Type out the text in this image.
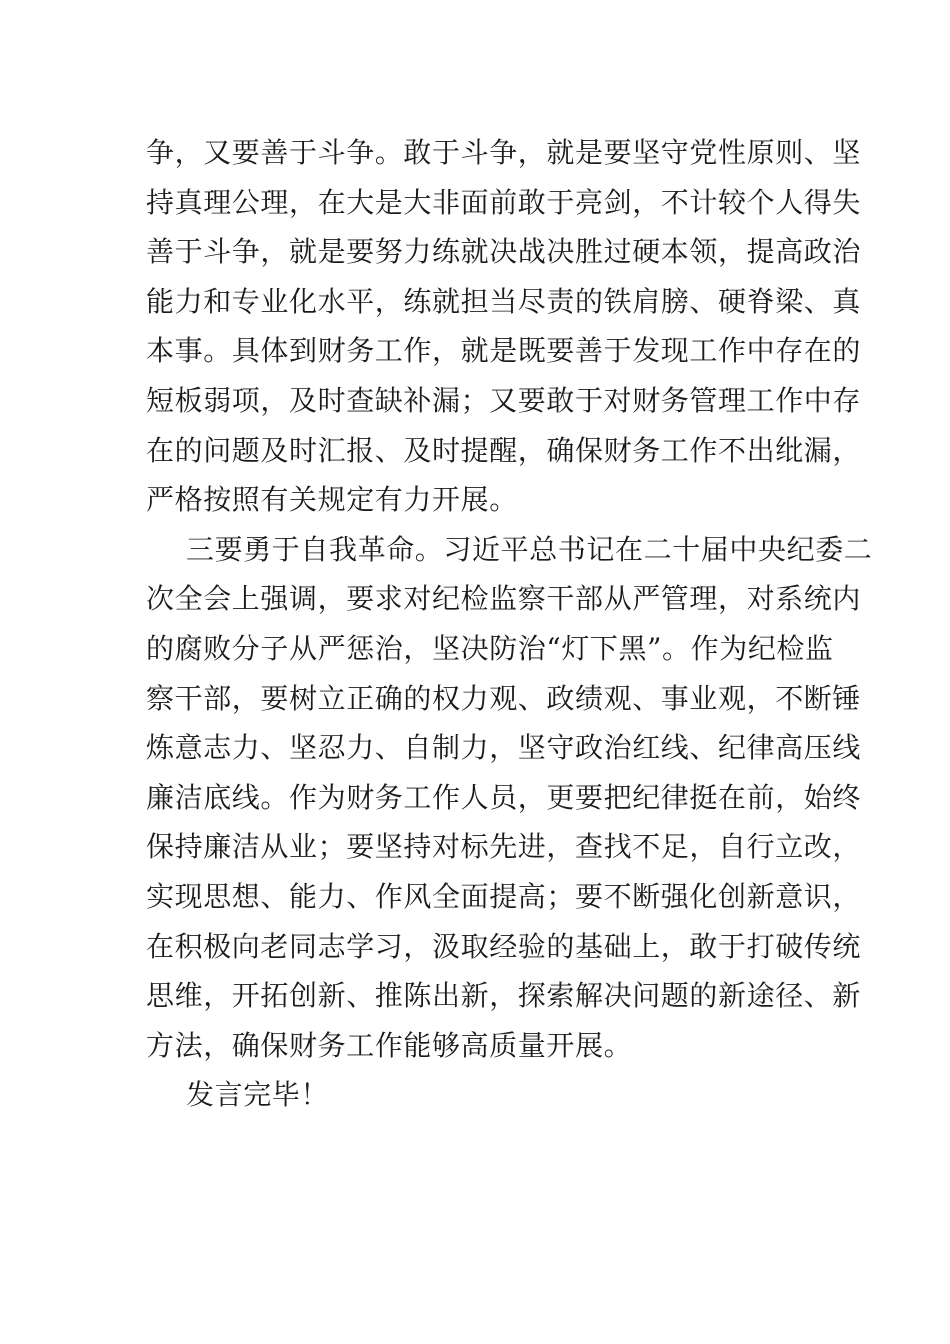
争，又要善于斗争。敢于斗争，就是要坚守党性原则、坚
持真理公理，在大是大非面前敢于亮剑，不计较个人得失
善于斗争，就是要努力练就决战决胜过硬本领，提高政治
能力和专业化水平，练就担当尽责的铁肩膀、硬脊梁、真
本事。具体到财务工作，就是既要善于发现工作中存在的
短板弱项，及时查缺补漏；又要敢于对财务管理工作中存
在的问题及时汇报、及时提醒，确保财务工作不出纰漏，
严格按照有关规定有力开展。
三要勇于自我革命。习近平总书记在二十届中央纪委二
次全会上强调，要求对纪检监察干部从严管理，对系统内
的腐败分子从严惩治，坚决防治“灯下黑”。作为纪检监
察干部，要树立正确的权力观、政绩观、事业观，不断锤
炼意志力、坚忍力、自制力，坚守政治红线、纪律高压线
廉洁底线。作为财务工作人员，更要把纪律挺在前，始终
保持廉洁从业；要坚持对标先进，查找不足，自行立改，
实现思想、能力、作风全面提高；要不断强化创新意识，
在积极向老同志学习，汲取经验的基础上，敢于打破传统
思维，开拓创新、推陈出新，探索解决问题的新途径、新
方法，确保财务工作能够高质量开展。
发言完毕！
